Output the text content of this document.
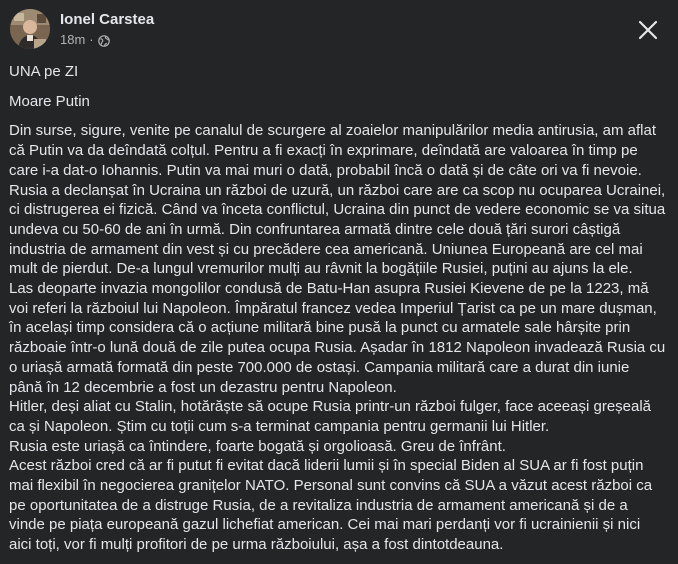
Ionel Carstea
18m ·

UNA pe ZI

Moare Putin

Din surse, sigure, venite pe canalul de scurgere al zoaielor manipulărilor media antirusia, am aflat
că Putin va da deîndată colțul. Pentru a fi exacți în exprimare, deîndată are valoarea în timp pe
care i-a dat-o Iohannis. Putin va mai muri o dată, probabil încă o dată și de câte ori va fi nevoie.
Rusia a declanșat în Ucraina un război de uzură, un război care are ca scop nu ocuparea Ucrainei,
ci distrugerea ei fizică. Când va înceta conflictul, Ucraina din punct de vedere economic se va situa
undeva cu 50-60 de ani în urmă. Din confruntarea armată dintre cele două țări surori câștigă
industria de armament din vest și cu precădere cea americană. Uniunea Europeană are cel mai
mult de pierdut. De-a lungul vremurilor mulți au râvnit la bogățiile Rusiei, puțini au ajuns la ele.
Las deoparte invazia mongolilor condusă de Batu-Han asupra Rusiei Kievene de pe la 1223, mă
voi referi la războiul lui Napoleon. Împăratul francez vedea Imperiul Țarist ca pe un mare dușman,
în același timp considera că o acțiune militară bine pusă la punct cu armatele sale hârșite prin
războaie într-o lună două de zile putea ocupa Rusia. Așadar în 1812 Napoleon invadează Rusia cu
o uriașă armată formată din peste 700.000 de ostași. Campania militară care a durat din iunie
până în 12 decembrie a fost un dezastru pentru Napoleon.
Hitler, deși aliat cu Stalin, hotărăște să ocupe Rusia printr-un război fulger, face aceeași greșeală
ca și Napoleon. Știm cu toții cum s-a terminat campania pentru germanii lui Hitler.
Rusia este uriașă ca întindere, foarte bogată și orgolioasă. Greu de înfrânt.
Acest război cred că ar fi putut fi evitat dacă liderii lumii și în special Biden al SUA ar fi fost puțin
mai flexibil în negocierea granițelor NATO. Personal sunt convins că SUA a văzut acest război ca
pe oportunitatea de a distruge Rusia, de a revitaliza industria de armament americană și de a
vinde pe piața europeană gazul lichefiat american. Cei mai mari perdanți vor fi ucrainienii și nici
aici toți, vor fi mulți profitori de pe urma războiului, așa a fost dintotdeauna.
